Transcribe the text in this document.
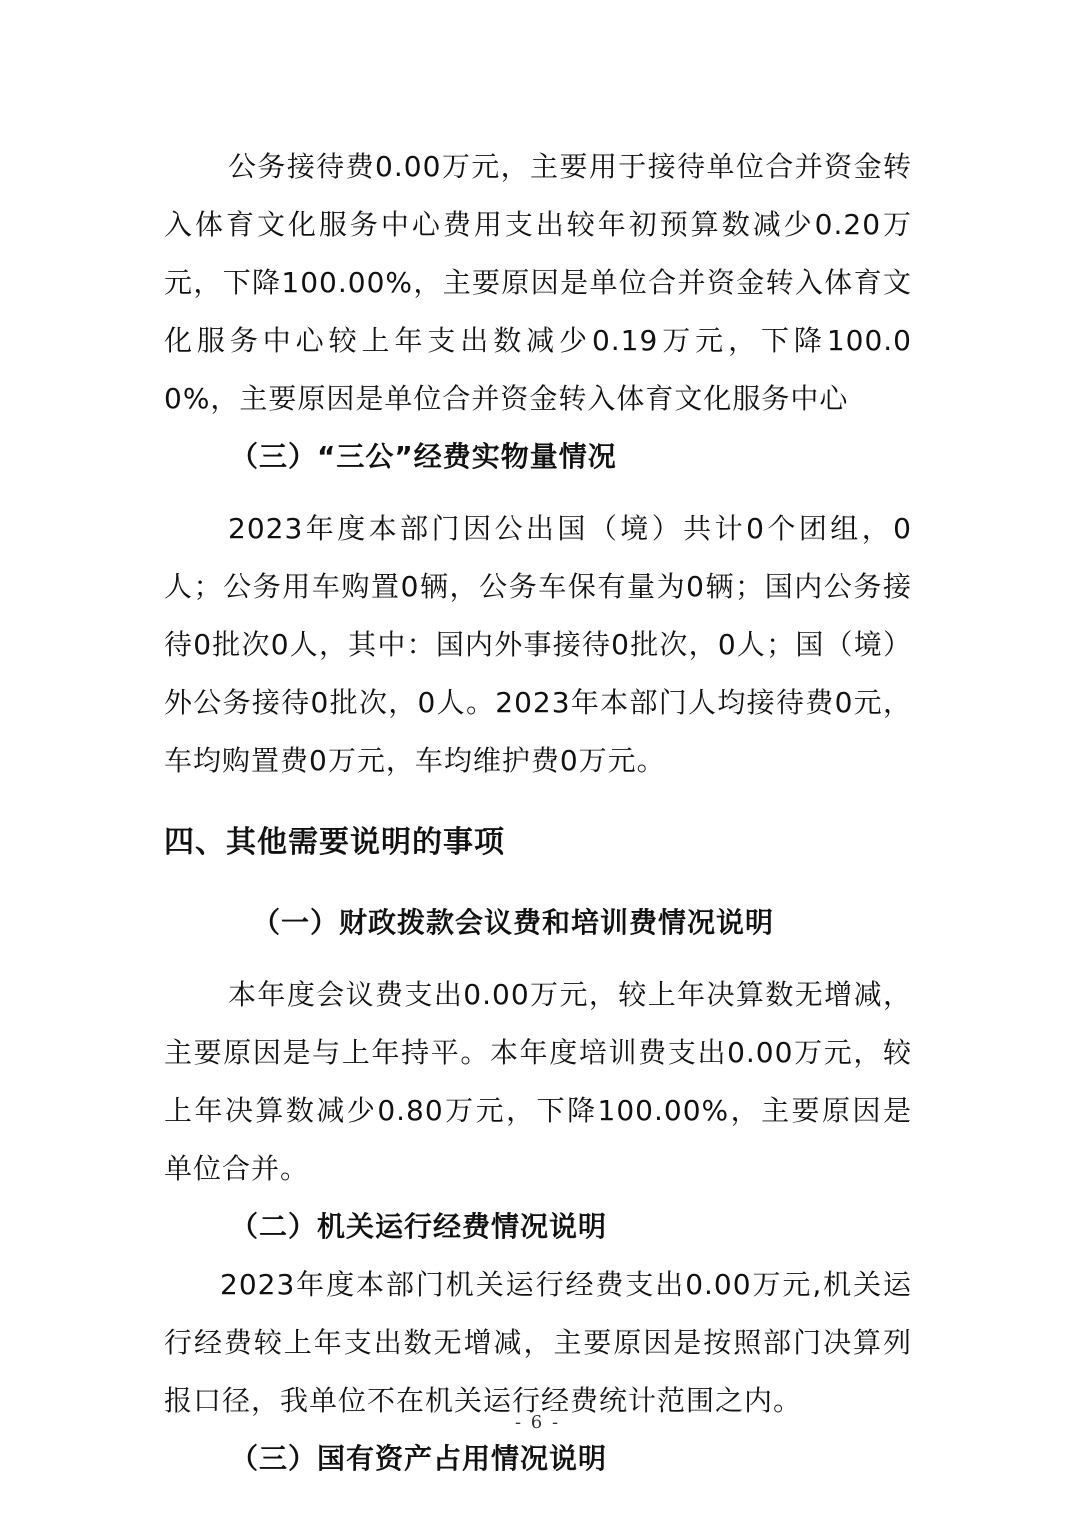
公务接待费0.00万元，主要用于接待单位合并资金转入体育文化服务中心费用支出较年初预算数减少0.20万元，下降100.00%，主要原因是单位合并资金转入体育文化服务中心较上年支出数减少0.19万元，下降100.00%，主要原因是单位合并资金转入体育文化服务中心

（三）“三公”经费实物量情况

2023年度本部门因公出国（境）共计0个团组，0人；公务用车购置0辆，公务车保有量为0辆；国内公务接待0批次0人，其中：国内外事接待0批次，0人；国（境）外公务接待0批次，0人。2023年本部门人均接待费0元，车均购置费0万元，车均维护费0万元。

四、其他需要说明的事项

（一）财政拨款会议费和培训费情况说明

本年度会议费支出0.00万元，较上年决算数无增减，主要原因是与上年持平。本年度培训费支出0.00万元，较上年决算数减少0.80万元，下降100.00%，主要原因是单位合并。

（二）机关运行经费情况说明

2023年度本部门机关运行经费支出0.00万元,机关运行经费较上年支出数无增减，主要原因是按照部门决算列报口径，我单位不在机关运行经费统计范围之内。

（三）国有资产占用情况说明

- 6 -
